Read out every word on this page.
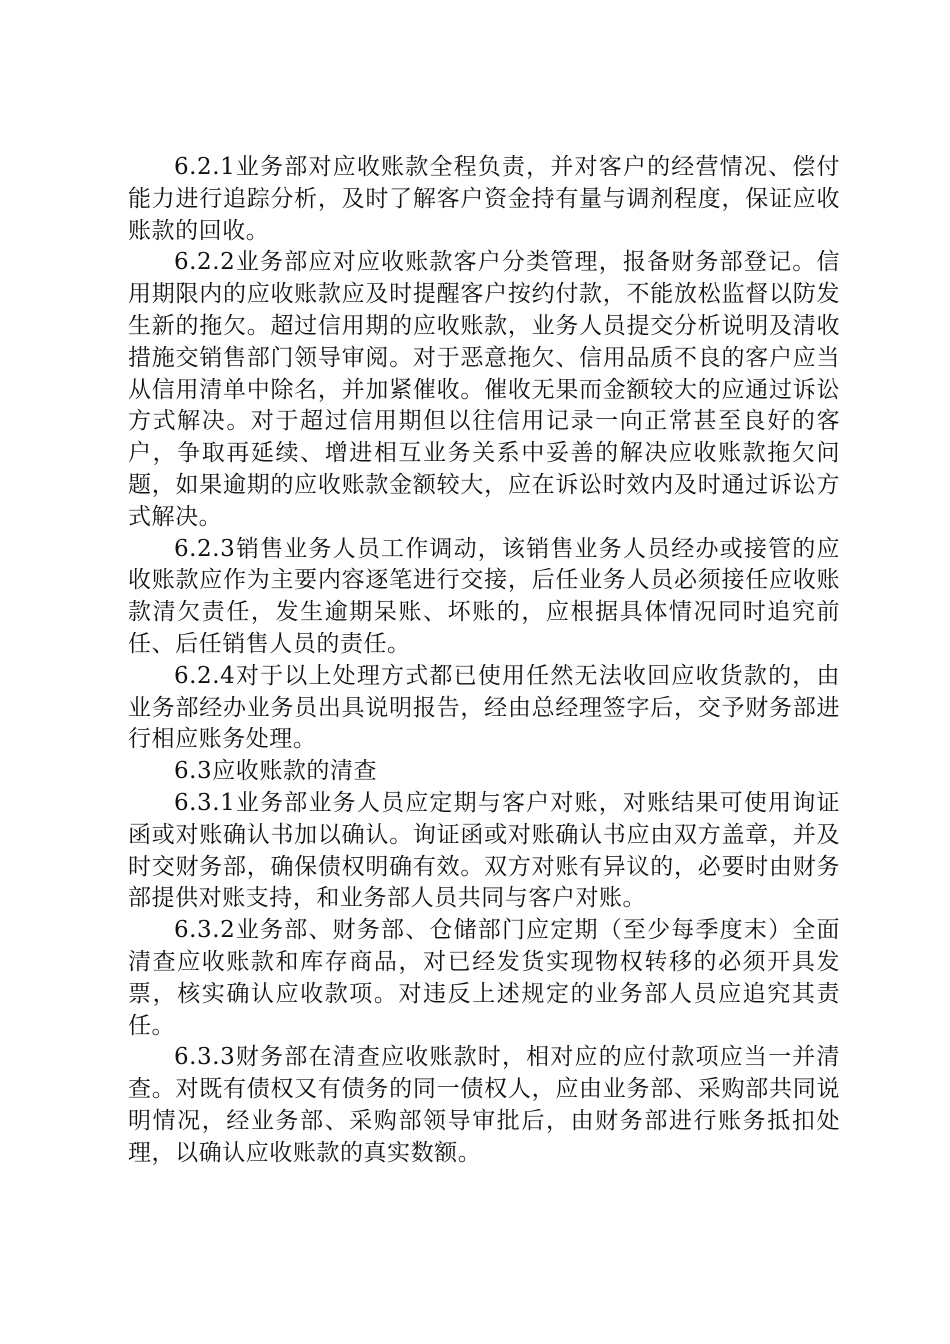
6.2.1业务部对应收账款全程负责，并对客户的经营情况、偿付能力进行追踪分析，及时了解客户资金持有量与调剂程度，保证应收账款的回收。

6.2.2业务部应对应收账款客户分类管理，报备财务部登记。信用期限内的应收账款应及时提醒客户按约付款，不能放松监督以防发生新的拖欠。超过信用期的应收账款，业务人员提交分析说明及清收措施交销售部门领导审阅。对于恶意拖欠、信用品质不良的客户应当从信用清单中除名，并加紧催收。催收无果而金额较大的应通过诉讼方式解决。对于超过信用期但以往信用记录一向正常甚至良好的客户，争取再延续、增进相互业务关系中妥善的解决应收账款拖欠问题，如果逾期的应收账款金额较大，应在诉讼时效内及时通过诉讼方式解决。

6.2.3销售业务人员工作调动，该销售业务人员经办或接管的应收账款应作为主要内容逐笔进行交接，后任业务人员必须接任应收账款清欠责任，发生逾期呆账、坏账的，应根据具体情况同时追究前任、后任销售人员的责任。

6.2.4对于以上处理方式都已使用任然无法收回应收货款的，由业务部经办业务员出具说明报告，经由总经理签字后，交予财务部进行相应账务处理。

6.3应收账款的清查

6.3.1业务部业务人员应定期与客户对账，对账结果可使用询证函或对账确认书加以确认。询证函或对账确认书应由双方盖章，并及时交财务部，确保债权明确有效。双方对账有异议的，必要时由财务部提供对账支持，和业务部人员共同与客户对账。

6.3.2业务部、财务部、仓储部门应定期（至少每季度末）全面清查应收账款和库存商品，对已经发货实现物权转移的必须开具发票，核实确认应收款项。对违反上述规定的业务部人员应追究其责任。

6.3.3财务部在清查应收账款时，相对应的应付款项应当一并清查。对既有债权又有债务的同一债权人，应由业务部、采购部共同说明情况，经业务部、采购部领导审批后，由财务部进行账务抵扣处理，以确认应收账款的真实数额。
